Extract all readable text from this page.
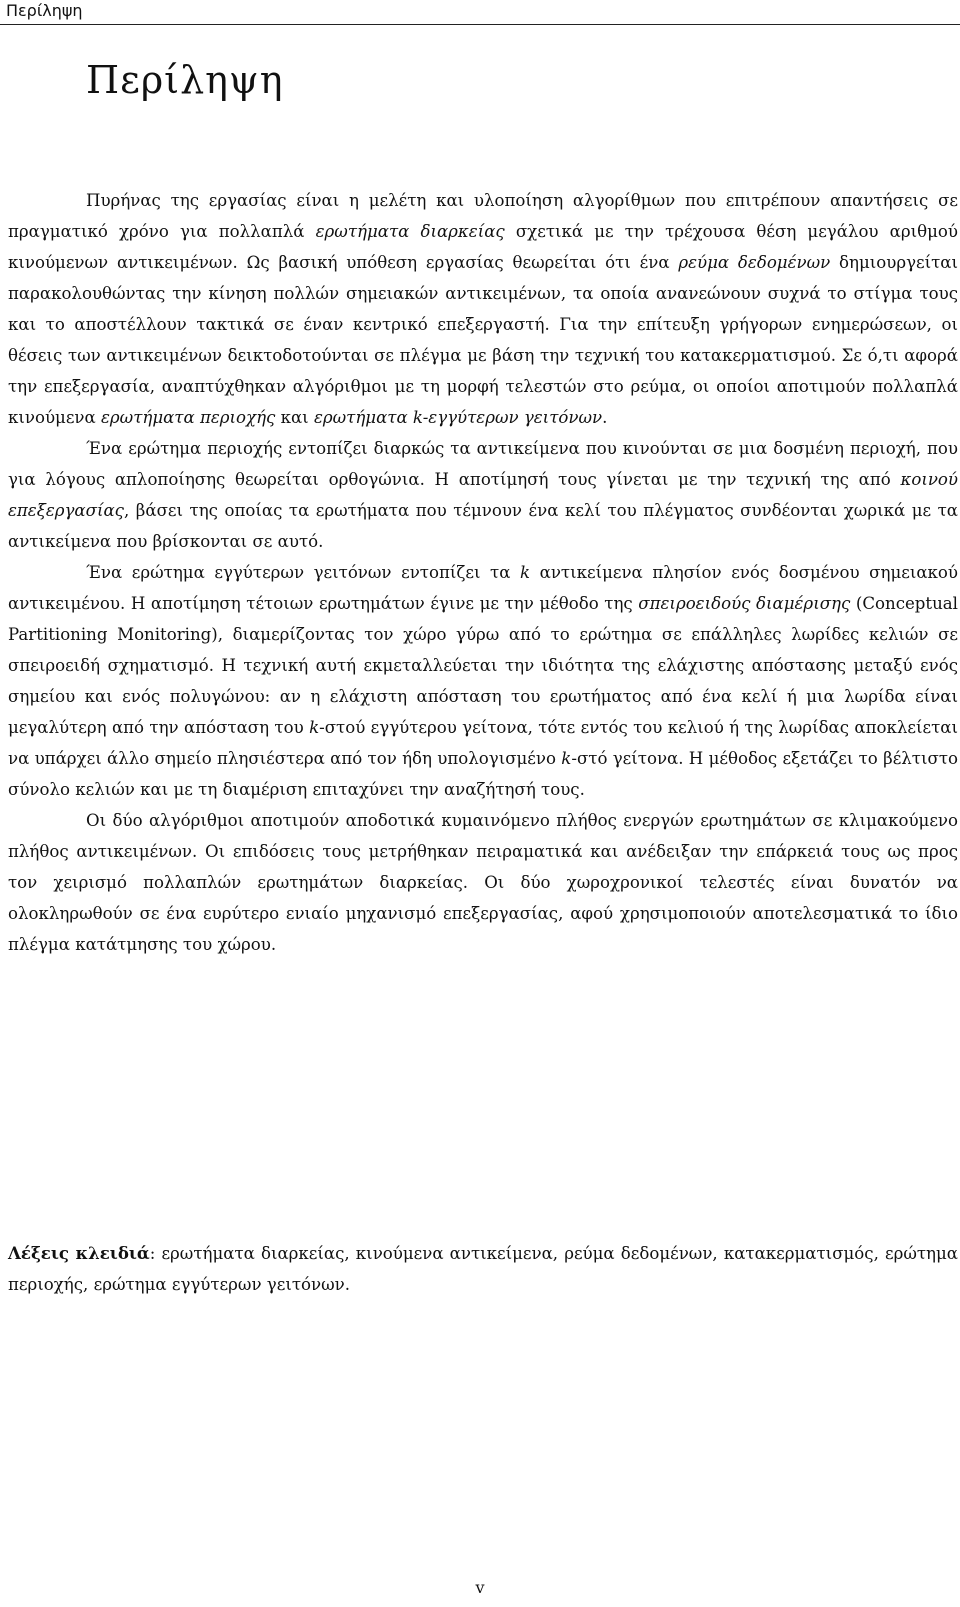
Περίληψη
Περίληψη

Πυρήνας της εργασίας είναι η μελέτη και υλοποίηση αλγορίθμων που επιτρέπουν απαντήσεις σε πραγματικό χρόνο για πολλαπλά ερωτήματα διαρκείας σχετικά με την τρέχουσα θέση μεγάλου αριθμού κινούμενων αντικειμένων. Ως βασική υπόθεση εργασίας θεωρείται ότι ένα ρεύμα δεδομένων δημιουργείται παρακολουθώντας την κίνηση πολλών σημειακών αντικειμένων, τα οποία ανανεώνουν συχνά το στίγμα τους και το αποστέλλουν τακτικά σε έναν κεντρικό επεξεργαστή. Για την επίτευξη γρήγορων ενημερώσεων, οι θέσεις των αντικειμένων δεικτοδοτούνται σε πλέγμα με βάση την τεχνική του κατακερματισμού. Σε ό,τι αφορά την επεξεργασία, αναπτύχθηκαν αλγόριθμοι με τη μορφή τελεστών στο ρεύμα, οι οποίοι αποτιμούν πολλαπλά κινούμενα ερωτήματα περιοχής και ερωτήματα k-εγγύτερων γειτόνων.

Ένα ερώτημα περιοχής εντοπίζει διαρκώς τα αντικείμενα που κινούνται σε μια δοσμένη περιοχή, που για λόγους απλοποίησης θεωρείται ορθογώνια. Η αποτίμησή τους γίνεται με την τεχνική της από κοινού επεξεργασίας, βάσει της οποίας τα ερωτήματα που τέμνουν ένα κελί του πλέγματος συνδέονται χωρικά με τα αντικείμενα που βρίσκονται σε αυτό.

Ένα ερώτημα εγγύτερων γειτόνων εντοπίζει τα k αντικείμενα πλησίον ενός δοσμένου σημειακού αντικειμένου. Η αποτίμηση τέτοιων ερωτημάτων έγινε με την μέθοδο της σπειροειδούς διαμέρισης (Conceptual Partitioning Monitoring), διαμερίζοντας τον χώρο γύρω από το ερώτημα σε επάλληλες λωρίδες κελιών σε σπειροειδή σχηματισμό. Η τεχνική αυτή εκμεταλλεύεται την ιδιότητα της ελάχιστης απόστασης μεταξύ ενός σημείου και ενός πολυγώνου: αν η ελάχιστη απόσταση του ερωτήματος από ένα κελί ή μια λωρίδα είναι μεγαλύτερη από την απόσταση του k-στού εγγύτερου γείτονα, τότε εντός του κελιού ή της λωρίδας αποκλείεται να υπάρχει άλλο σημείο πλησιέστερα από τον ήδη υπολογισμένο k-στό γείτονα. Η μέθοδος εξετάζει το βέλτιστο σύνολο κελιών και με τη διαμέριση επιταχύνει την αναζήτησή τους.

Οι δύο αλγόριθμοι αποτιμούν αποδοτικά κυμαινόμενο πλήθος ενεργών ερωτημάτων σε κλιμακούμενο πλήθος αντικειμένων. Οι επιδόσεις τους μετρήθηκαν πειραματικά και ανέδειξαν την επάρκειά τους ως προς τον χειρισμό πολλαπλών ερωτημάτων διαρκείας. Οι δύο χωροχρονικοί τελεστές είναι δυνατόν να ολοκληρωθούν σε ένα ευρύτερο ενιαίο μηχανισμό επεξεργασίας, αφού χρησιμοποιούν αποτελεσματικά το ίδιο πλέγμα κατάτμησης του χώρου.

Λέξεις κλειδιά: ερωτήματα διαρκείας, κινούμενα αντικείμενα, ρεύμα δεδομένων, κατακερματισμός, ερώτημα περιοχής, ερώτημα εγγύτερων γειτόνων.
v
